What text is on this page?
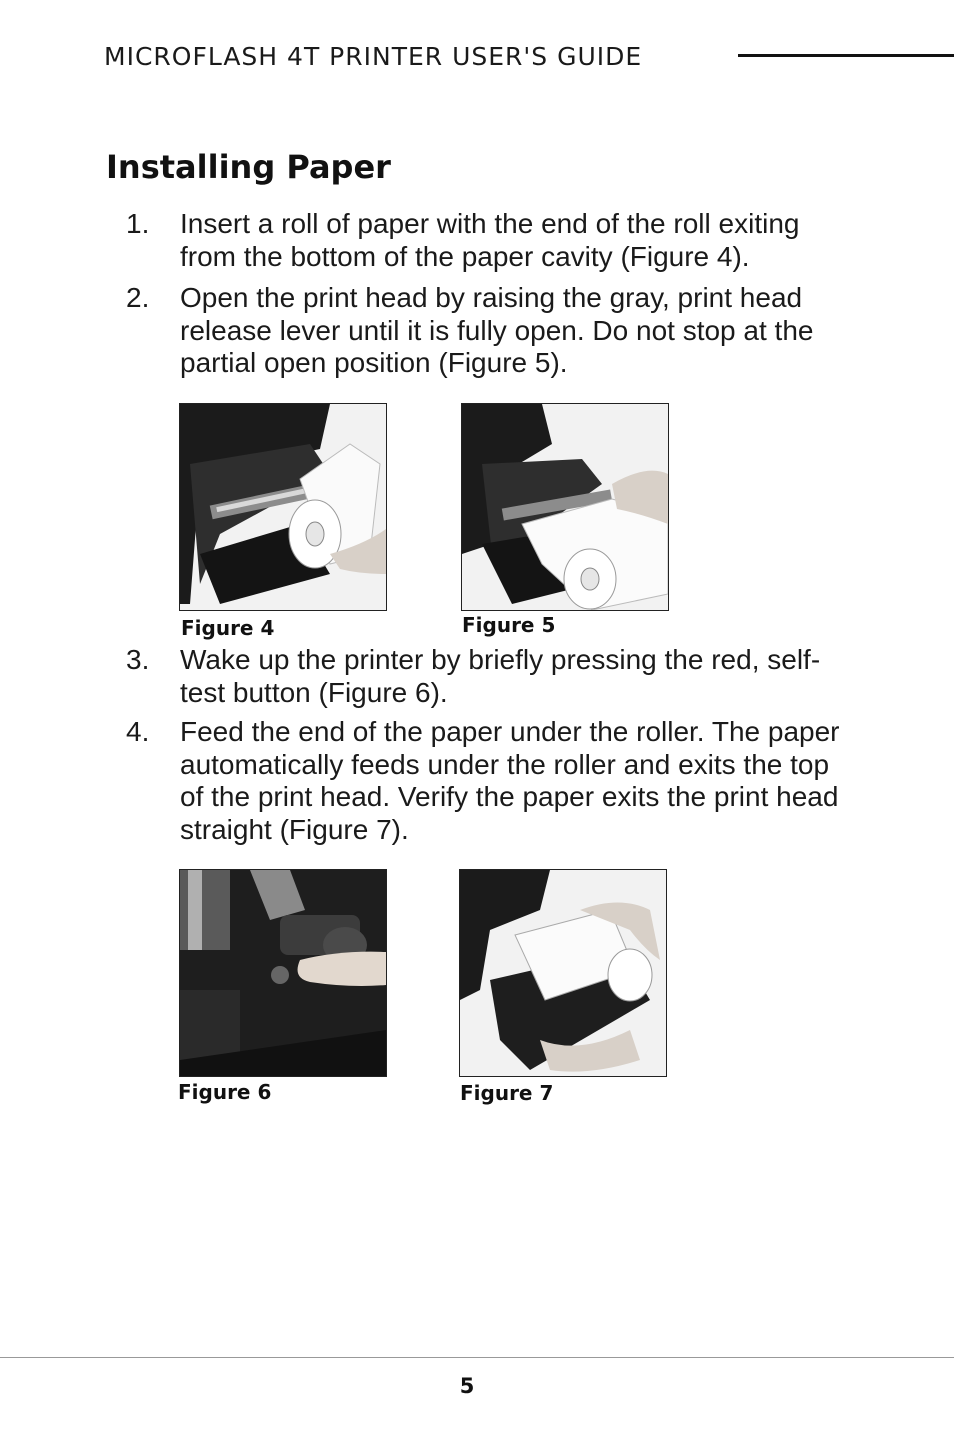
MICROFLASH 4T PRINTER USER'S GUIDE
Installing Paper
1.	Insert a roll of paper with the end of the roll exiting from the bottom of the paper cavity (Figure 4).
2.	Open the print head by raising the gray, print head release lever until it is fully open. Do not stop at the partial open position (Figure 5).
Figure 4	Figure 5
3.	Wake up the printer by briefly pressing the red, self-test button (Figure 6).
4.	Feed the end of the paper under the roller. The paper automatically feeds under the roller and exits the top of the print head. Verify the paper exits the print head straight (Figure 7).
Figure 6	Figure 7
5
